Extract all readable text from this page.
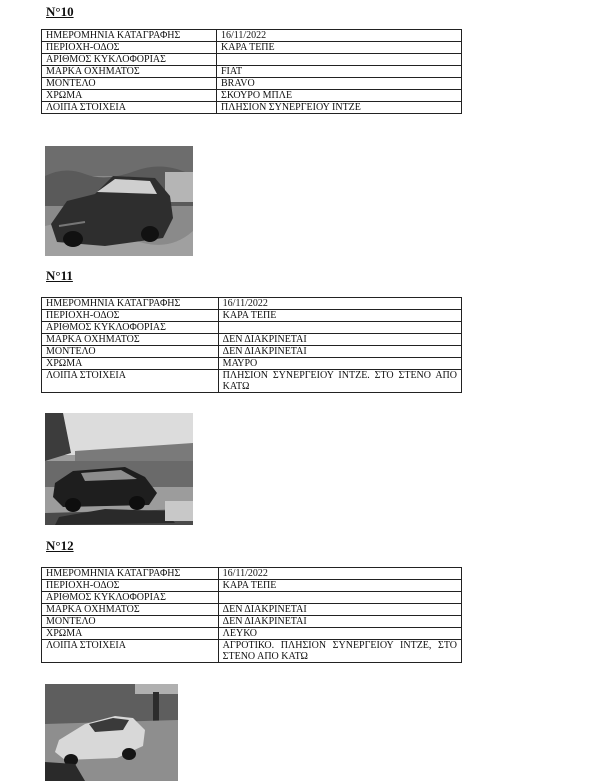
N°10
ΗΜΕΡΟΜΗΝΙΑ ΚΑΤΑΓΡΑΦΗΣ	16/11/2022
ΠΕΡΙΟΧΗ-ΟΔΟΣ	ΚΑΡΑ ΤΕΠΕ
ΑΡΙΘΜΟΣ ΚΥΚΛΟΦΟΡΙΑΣ	
ΜΑΡΚΑ ΟΧΗΜΑΤΟΣ	FIAT
ΜΟΝΤΕΛΟ	BRAVO
ΧΡΩΜΑ	ΣΚΟΥΡΟ ΜΠΛΕ
ΛΟΙΠΑ ΣΤΟΙΧΕΙΑ	ΠΛΗΣΙΟΝ ΣΥΝΕΡΓΕΙΟΥ ΙΝΤΖΕ
N°11
ΗΜΕΡΟΜΗΝΙΑ ΚΑΤΑΓΡΑΦΗΣ	16/11/2022
ΠΕΡΙΟΧΗ-ΟΔΟΣ	ΚΑΡΑ ΤΕΠΕ
ΑΡΙΘΜΟΣ ΚΥΚΛΟΦΟΡΙΑΣ	
ΜΑΡΚΑ ΟΧΗΜΑΤΟΣ	ΔΕΝ ΔΙΑΚΡΙΝΕΤΑΙ
ΜΟΝΤΕΛΟ	ΔΕΝ ΔΙΑΚΡΙΝΕΤΑΙ
ΧΡΩΜΑ	ΜΑΥΡΟ
ΛΟΙΠΑ ΣΤΟΙΧΕΙΑ	ΠΛΗΣΙΟΝ ΣΥΝΕΡΓΕΙΟΥ ΙΝΤΖΕ. ΣΤΟ ΣΤΕΝΟ ΑΠΟ ΚΑΤΩ
N°12
ΗΜΕΡΟΜΗΝΙΑ ΚΑΤΑΓΡΑΦΗΣ	16/11/2022
ΠΕΡΙΟΧΗ-ΟΔΟΣ	ΚΑΡΑ ΤΕΠΕ
ΑΡΙΘΜΟΣ ΚΥΚΛΟΦΟΡΙΑΣ	
ΜΑΡΚΑ ΟΧΗΜΑΤΟΣ	ΔΕΝ ΔΙΑΚΡΙΝΕΤΑΙ
ΜΟΝΤΕΛΟ	ΔΕΝ ΔΙΑΚΡΙΝΕΤΑΙ
ΧΡΩΜΑ	ΛΕΥΚΟ
ΛΟΙΠΑ ΣΤΟΙΧΕΙΑ	ΑΓΡΟΤΙΚΟ. ΠΛΗΣΙΟΝ ΣΥΝΕΡΓΕΙΟΥ ΙΝΤΖΕ, ΣΤΟ ΣΤΕΝΟ ΑΠΟ ΚΑΤΩ
